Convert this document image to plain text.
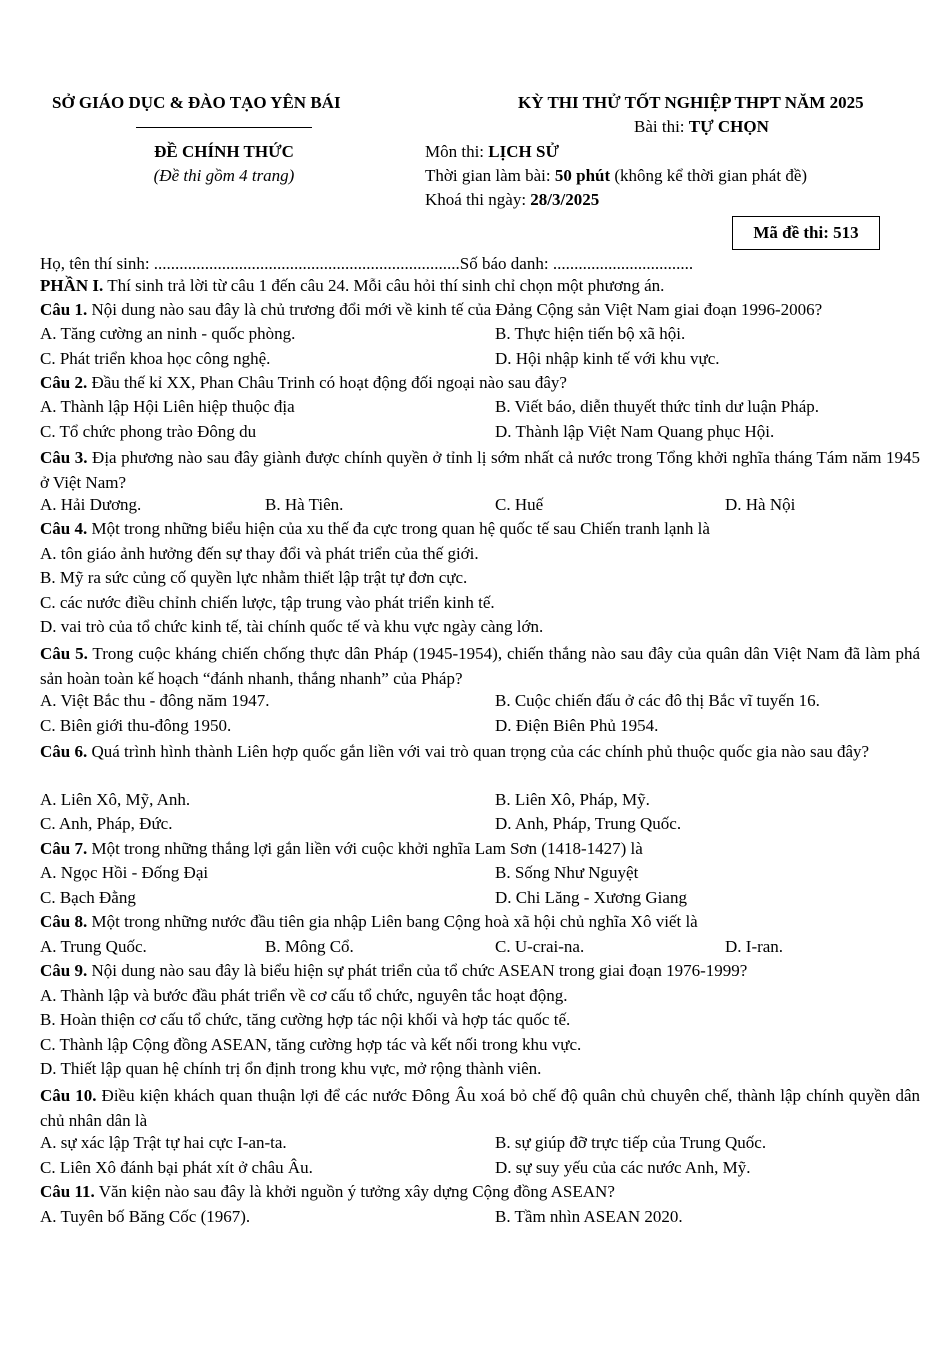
SỞ GIÁO DỤC & ĐÀO TẠO YÊN BÁI
ĐỀ CHÍNH THỨC
(Đề thi gồm 4 trang)
KỲ THI THỬ TỐT NGHIỆP THPT NĂM 2025
Bài thi: TỰ CHỌN
Môn thi: LỊCH SỬ
Thời gian làm bài: 50 phút (không kể thời gian phát đề)
Khoá thi ngày: 28/3/2025
Mã đề thi: 513
Họ, tên thí sinh: ........................................................................Số báo danh: .................................
PHẦN I. Thí sinh trả lời từ câu 1 đến câu 24. Mỗi câu hỏi thí sinh chỉ chọn một phương án.
Câu 1. Nội dung nào sau đây là chủ trương đổi mới về kinh tế của Đảng Cộng sản Việt Nam giai đoạn 1996-2006?
A. Tăng cường an ninh - quốc phòng.	B. Thực hiện tiến bộ xã hội.
C. Phát triển khoa học công nghệ.	D. Hội nhập kinh tế với khu vực.
Câu 2. Đầu thế kỉ XX, Phan Châu Trinh có hoạt động đối ngoại nào sau đây?
A. Thành lập Hội Liên hiệp thuộc địa	B. Viết báo, diễn thuyết thức tỉnh dư luận Pháp.
C. Tổ chức phong trào Đông du	D. Thành lập Việt Nam Quang phục Hội.
Câu 3. Địa phương nào sau đây giành được chính quyền ở tỉnh lị sớm nhất cả nước trong Tổng khởi nghĩa tháng Tám năm 1945 ở Việt Nam?
A. Hải Dương.	B. Hà Tiên.	C. Huế	D. Hà Nội
Câu 4. Một trong những biểu hiện của xu thế đa cực trong quan hệ quốc tế sau Chiến tranh lạnh là
A. tôn giáo ảnh hưởng đến sự thay đổi và phát triển của thế giới.
B. Mỹ ra sức củng cố quyền lực nhằm thiết lập trật tự đơn cực.
C. các nước điều chỉnh chiến lược, tập trung vào phát triển kinh tế.
D. vai trò của tổ chức kinh tế, tài chính quốc tế và khu vực ngày càng lớn.
Câu 5. Trong cuộc kháng chiến chống thực dân Pháp (1945-1954), chiến thắng nào sau đây của quân dân Việt Nam đã làm phá sản hoàn toàn kế hoạch “đánh nhanh, thắng nhanh” của Pháp?
A. Việt Bắc thu - đông năm 1947.	B. Cuộc chiến đấu ở các đô thị Bắc vĩ tuyến 16.
C. Biên giới thu-đông 1950.	D. Điện Biên Phủ 1954.
Câu 6. Quá trình hình thành Liên hợp quốc gắn liền với vai trò quan trọng của các chính phủ thuộc quốc gia nào sau đây?
A. Liên Xô, Mỹ, Anh.	B. Liên Xô, Pháp, Mỹ.
C. Anh, Pháp, Đức.	D. Anh, Pháp, Trung Quốc.
Câu 7. Một trong những thắng lợi gắn liền với cuộc khởi nghĩa Lam Sơn (1418-1427) là
A. Ngọc Hồi - Đống Đại	B. Sống Như Nguyệt
C. Bạch Đằng	D. Chi Lăng - Xương Giang
Câu 8. Một trong những nước đầu tiên gia nhập Liên bang Cộng hoà xã hội chủ nghĩa Xô viết là
A. Trung Quốc.	B. Mông Cổ.	C. U-crai-na.	D. I-ran.
Câu 9. Nội dung nào sau đây là biểu hiện sự phát triển của tổ chức ASEAN trong giai đoạn 1976-1999?
A. Thành lập và bước đầu phát triển về cơ cấu tổ chức, nguyên tắc hoạt động.
B. Hoàn thiện cơ cấu tổ chức, tăng cường hợp tác nội khối và hợp tác quốc tế.
C. Thành lập Cộng đồng ASEAN, tăng cường hợp tác và kết nối trong khu vực.
D. Thiết lập quan hệ chính trị ổn định trong khu vực, mở rộng thành viên.
Câu 10. Điều kiện khách quan thuận lợi để các nước Đông Âu xoá bỏ chế độ quân chủ chuyên chế, thành lập chính quyền dân chủ nhân dân là
A. sự xác lập Trật tự hai cực I-an-ta.	B. sự giúp đỡ trực tiếp của Trung Quốc.
C. Liên Xô đánh bại phát xít ở châu Âu.	D. sự suy yếu của các nước Anh, Mỹ.
Câu 11. Văn kiện nào sau đây là khởi nguồn ý tưởng xây dựng Cộng đồng ASEAN?
A. Tuyên bố Băng Cốc (1967).	B. Tầm nhìn ASEAN 2020.
